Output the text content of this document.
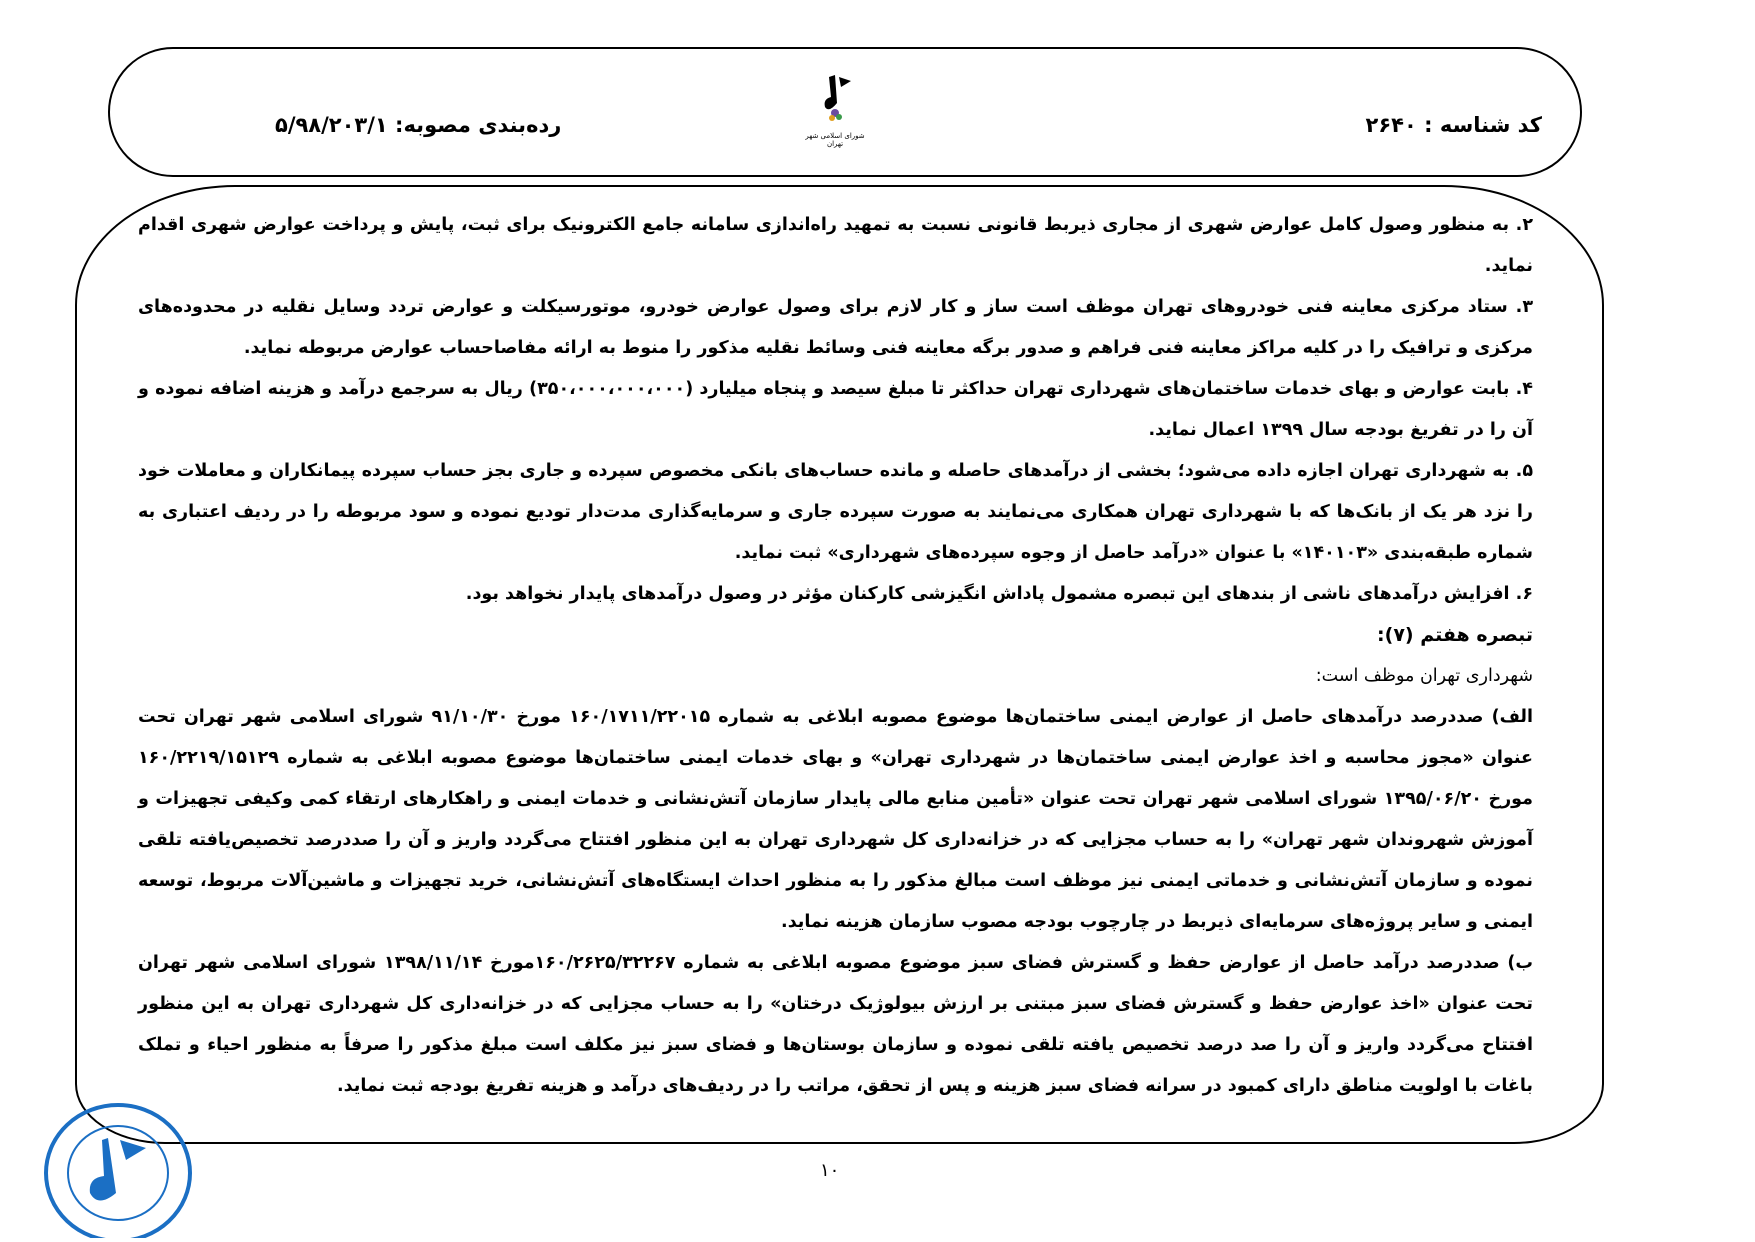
کد شناسه : ۲۶۴۰
شورای اسلامی شهر تهران
رده‌بندی مصوبه: ۵/۹۸/۲۰۳/۱

۲. به منظور وصول کامل عوارض شهری از مجاری ذیربط قانونی نسبت به تمهید راه‌اندازی سامانه جامع الکترونیک برای ثبت، پایش و پرداخت عوارض شهری اقدام نماید.

۳. ستاد مرکزی معاینه فنی خودروهای تهران موظف است ساز و کار لازم برای وصول عوارض خودرو، موتورسیکلت و عوارض تردد وسایل نقلیه در محدوده‌های مرکزی و ترافیک را در کلیه مراکز معاینه فنی فراهم و صدور برگه معاینه فنی وسائط نقلیه مذکور را منوط به ارائه مفاصاحساب عوارض مربوطه نماید.

۴. بابت عوارض و بهای خدمات ساختمان‌های شهرداری تهران حداکثر تا مبلغ سیصد و پنجاه میلیارد (۳۵۰،۰۰۰،۰۰۰،۰۰۰) ریال به سرجمع درآمد و هزینه اضافه نموده و آن را در تفریغ بودجه سال ۱۳۹۹ اعمال نماید.

۵. به شهرداری تهران اجازه داده می‌شود؛ بخشی از درآمدهای حاصله و مانده حساب‌های بانکی مخصوص سپرده و جاری بجز حساب سپرده پیمانکاران و معاملات خود را نزد هر یک از بانک‌ها که با شهرداری تهران همکاری می‌نمایند به صورت سپرده جاری و سرمایه‌گذاری مدت‌دار تودیع نموده و سود مربوطه را در ردیف اعتباری به شماره طبقه‌بندی «۱۴۰۱۰۳» با عنوان «درآمد حاصل از وجوه سپرده‌های شهرداری» ثبت نماید.

۶. افزایش درآمدهای ناشی از بندهای این تبصره مشمول پاداش انگیزشی کارکنان مؤثر در وصول درآمدهای پایدار نخواهد بود.

تبصره هفتم (۷):

شهرداری تهران موظف است:

الف) صددرصد درآمدهای حاصل از عوارض ایمنی ساختمان‌ها موضوع مصوبه ابلاغی به شماره ۱۶۰/۱۷۱۱/۲۲۰۱۵ مورخ ۹۱/۱۰/۳۰ شورای اسلامی شهر تهران تحت عنوان «مجوز محاسبه و اخذ عوارض ایمنی ساختمان‌ها در شهرداری تهران» و بهای خدمات ایمنی ساختمان‌ها موضوع مصوبه ابلاغی به شماره ۱۶۰/۲۲۱۹/۱۵۱۲۹ مورخ ۱۳۹۵/۰۶/۲۰ شورای اسلامی شهر تهران تحت عنوان «تأمین منابع مالی پایدار سازمان آتش‌نشانی و خدمات ایمنی و راهکارهای ارتقاء کمی وکیفی تجهیزات و آموزش شهروندان شهر تهران» را به حساب مجزایی که در خزانه‌داری کل شهرداری تهران به این منظور افتتاح می‌گردد واریز و آن را صددرصد تخصیص‌یافته تلقی نموده و سازمان آتش‌نشانی و خدماتی ایمنی نیز موظف است مبالغ مذکور را به منظور احداث ایستگاه‌های آتش‌نشانی، خرید تجهیزات و ماشین‌آلات مربوط، توسعه ایمنی و سایر پروژه‌های سرمایه‌ای ذیربط در چارچوب بودجه مصوب سازمان هزینه نماید.

ب) صددرصد درآمد حاصل از عوارض حفظ و گسترش فضای سبز موضوع مصوبه ابلاغی به شماره ۱۶۰/۲۶۲۵/۳۲۲۶۷مورخ ۱۳۹۸/۱۱/۱۴ شورای اسلامی شهر تهران تحت عنوان «اخذ عوارض حفظ و گسترش فضای سبز مبتنی بر ارزش بیولوژیک درختان» را به حساب مجزایی که در خزانه‌داری کل شهرداری تهران به این منظور افتتاح می‌گردد واریز و آن را صد درصد تخصیص یافته تلقی نموده و سازمان بوستان‌ها و فضای سبز نیز مکلف است مبلغ مذکور را صرفاً به منظور احیاء و تملک باغات با اولویت مناطق دارای کمبود در سرانه فضای سبز هزینه و پس از تحقق، مراتب را در ردیف‌های درآمد و هزینه تفریغ بودجه ثبت نماید.

۱۰
